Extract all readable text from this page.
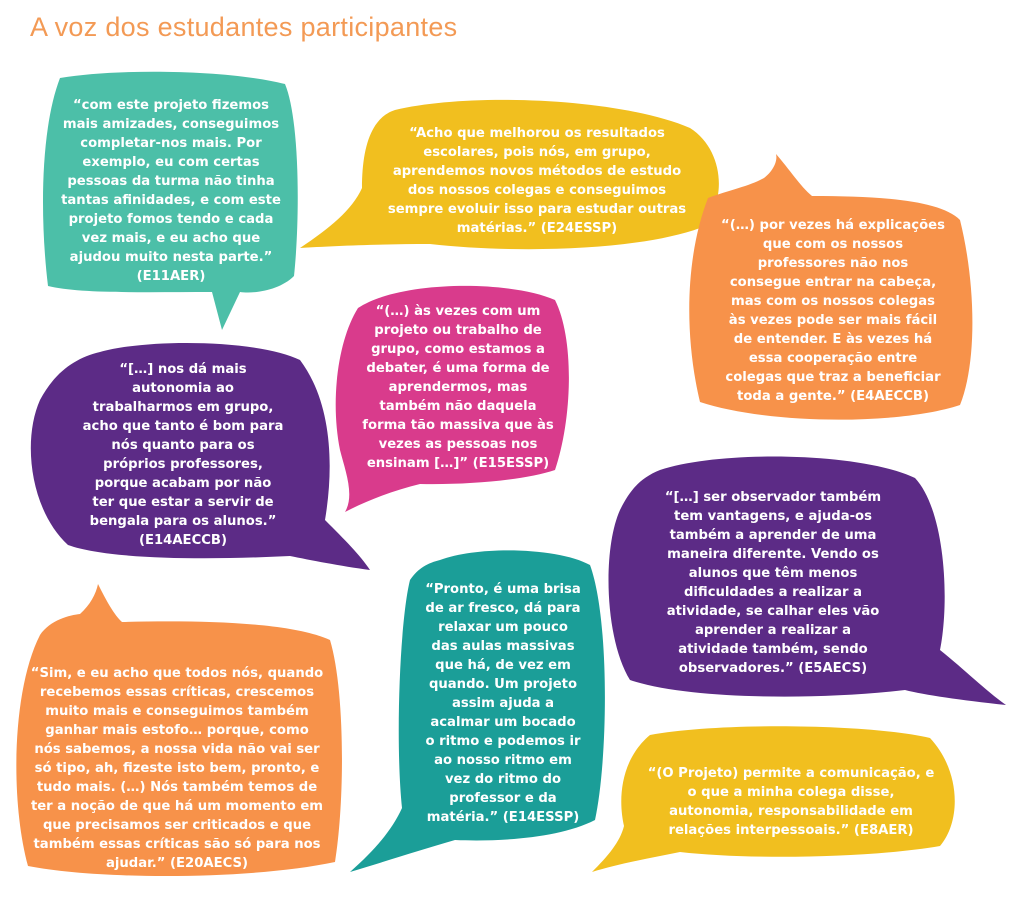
A voz dos estudantes participantes

“com este projeto fizemos
mais amizades, conseguimos
completar-nos mais. Por
exemplo, eu com certas
pessoas da turma não tinha
tantas afinidades, e com este
projeto fomos tendo e cada
vez mais, e eu acho que
ajudou muito nesta parte.”
(E11AER)

“Acho que melhorou os resultados
escolares, pois nós, em grupo,
aprendemos novos métodos de estudo
dos nossos colegas e conseguimos
sempre evoluir isso para estudar outras
matérias.” (E24ESSP)	“(…) por vezes há explicações
que com os nossos
professores não nos
consegue entrar na cabeça,
mas com os nossos colegas
às vezes pode ser mais fácil
de entender. E às vezes há
essa cooperação entre
colegas que traz a beneficiar
toda a gente.” (E4AECCB)

“(…) às vezes com um
projeto ou trabalho de
grupo, como estamos a
debater, é uma forma de
aprendermos, mas
também não daquela
forma tão massiva que às
vezes as pessoas nos
ensinam […]” (E15ESSP)

“[…] nos dá mais
autonomia ao
trabalharmos em grupo,
acho que tanto é bom para
nós quanto para os
próprios professores,
porque acabam por não
ter que estar a servir de
bengala para os alunos.”
(E14AECCB)

“[…] ser observador também
tem vantagens, e ajuda-os
também a aprender de uma
maneira diferente. Vendo os
alunos que têm menos
dificuldades a realizar a
atividade, se calhar eles vão
aprender a realizar a
atividade também, sendo
observadores.” (E5AECS)

“Sim, e eu acho que todos nós, quando
recebemos essas críticas, crescemos
muito mais e conseguimos também
ganhar mais estofo… porque, como
nós sabemos, a nossa vida não vai ser
só tipo, ah, fizeste isto bem, pronto, e
tudo mais. (…) Nós também temos de
ter a noção de que há um momento em
que precisamos ser criticados e que
também essas críticas são só para nos
ajudar.” (E20AECS)

“Pronto, é uma brisa
de ar fresco, dá para
relaxar um pouco
das aulas massivas
que há, de vez em
quando. Um projeto
assim ajuda a
acalmar um bocado
o ritmo e podemos ir
ao nosso ritmo em
vez do ritmo do
professor e da
matéria.” (E14ESSP)

“(O Projeto) permite a comunicação, e
o que a minha colega disse,
autonomia, responsabilidade em
relações interpessoais.” (E8AER)
